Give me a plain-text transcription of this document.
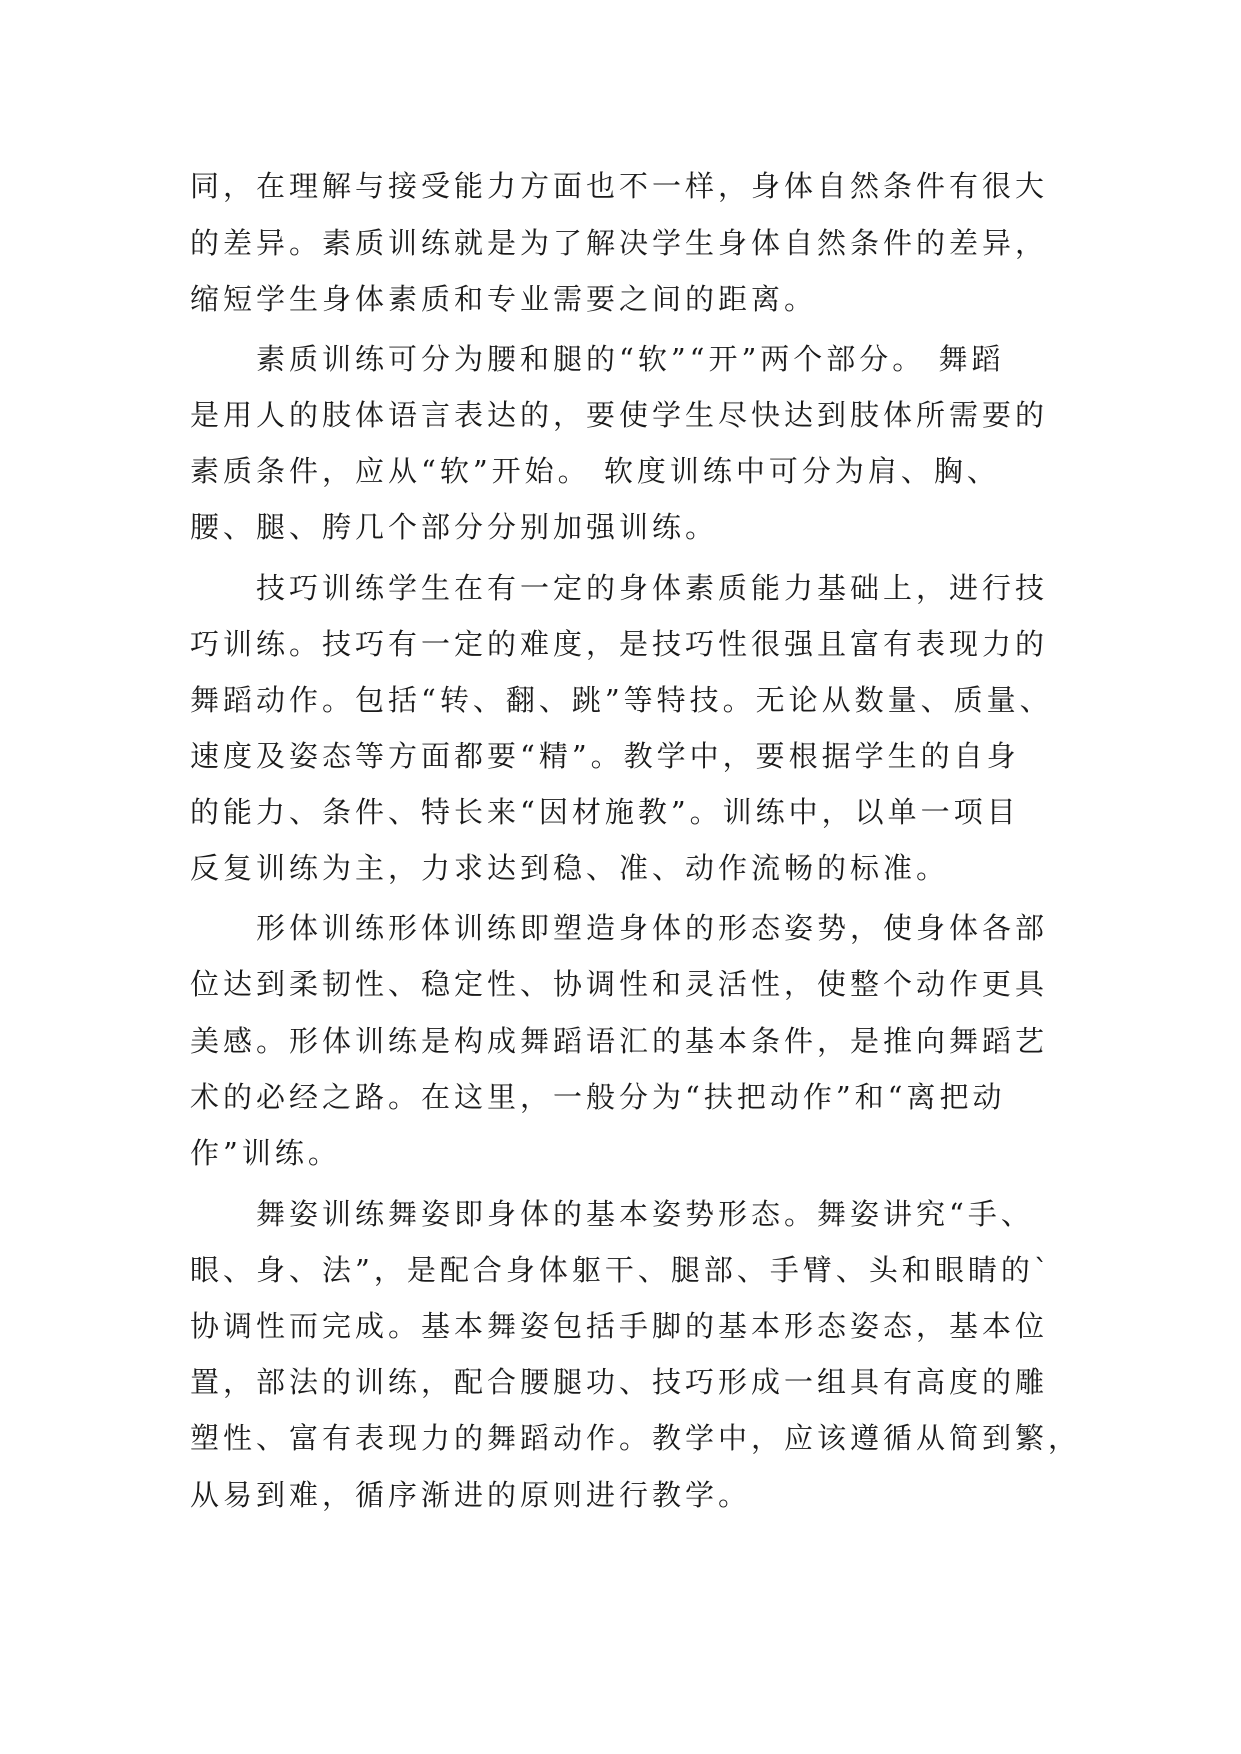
同，在理解与接受能力方面也不一样，身体自然条件有很大

的差异。素质训练就是为了解决学生身体自然条件的差异，

缩短学生身体素质和专业需要之间的距离。

　　素质训练可分为腰和腿的“软”“开”两个部分。 舞蹈

是用人的肢体语言表达的，要使学生尽快达到肢体所需要的

素质条件，应从“软”开始。 软度训练中可分为肩、胸、

腰、腿、胯几个部分分别加强训练。

　　技巧训练学生在有一定的身体素质能力基础上，进行技

巧训练。技巧有一定的难度，是技巧性很强且富有表现力的

舞蹈动作。包括“转、翻、跳”等特技。无论从数量、质量、

速度及姿态等方面都要“精”。教学中，要根据学生的自身

的能力、条件、特长来“因材施教”。训练中，以单一项目

反复训练为主，力求达到稳、准、动作流畅的标准。

　　形体训练形体训练即塑造身体的形态姿势，使身体各部

位达到柔韧性、稳定性、协调性和灵活性，使整个动作更具

美感。形体训练是构成舞蹈语汇的基本条件，是推向舞蹈艺

术的必经之路。在这里，一般分为“扶把动作”和“离把动

作”训练。

　　舞姿训练舞姿即身体的基本姿势形态。舞姿讲究“手、

眼、身、法”，是配合身体躯干、腿部、手臂、头和眼睛的`

协调性而完成。基本舞姿包括手脚的基本形态姿态，基本位

置，部法的训练，配合腰腿功、技巧形成一组具有高度的雕

塑性、富有表现力的舞蹈动作。教学中，应该遵循从简到繁，

从易到难，循序渐进的原则进行教学。
